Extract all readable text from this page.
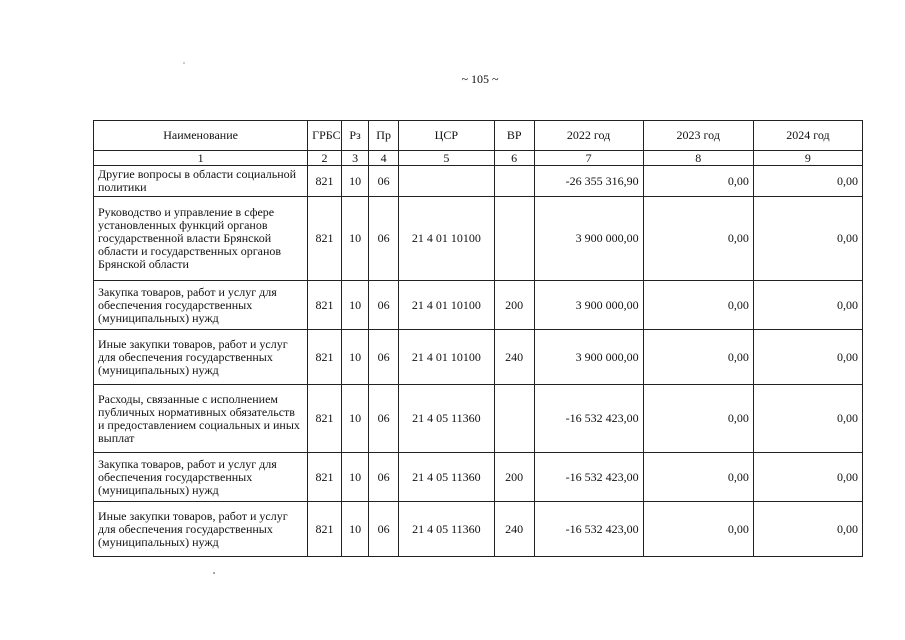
~ 105 ~
Наименование	ГРБС	Рз	Пр	ЦСР	ВР	2022 год	2023 год	2024 год
1	2	3	4	5	6	7	8	9
Другие вопросы в области социальной политики	821	10	06			-26 355 316,90	0,00	0,00
Руководство и управление в сфере установленных функций органов государственной власти Брянской области и государственных органов Брянской области	821	10	06	21 4 01 10100		3 900 000,00	0,00	0,00
Закупка товаров, работ и услуг для обеспечения государственных (муниципальных) нужд	821	10	06	21 4 01 10100	200	3 900 000,00	0,00	0,00
Иные закупки товаров, работ и услуг для обеспечения государственных (муниципальных) нужд	821	10	06	21 4 01 10100	240	3 900 000,00	0,00	0,00
Расходы, связанные с исполнением публичных нормативных обязательств и предоставлением социальных и иных выплат	821	10	06	21 4 05 11360		-16 532 423,00	0,00	0,00
Закупка товаров, работ и услуг для обеспечения государственных (муниципальных) нужд	821	10	06	21 4 05 11360	200	-16 532 423,00	0,00	0,00
Иные закупки товаров, работ и услуг для обеспечения государственных (муниципальных) нужд	821	10	06	21 4 05 11360	240	-16 532 423,00	0,00	0,00
